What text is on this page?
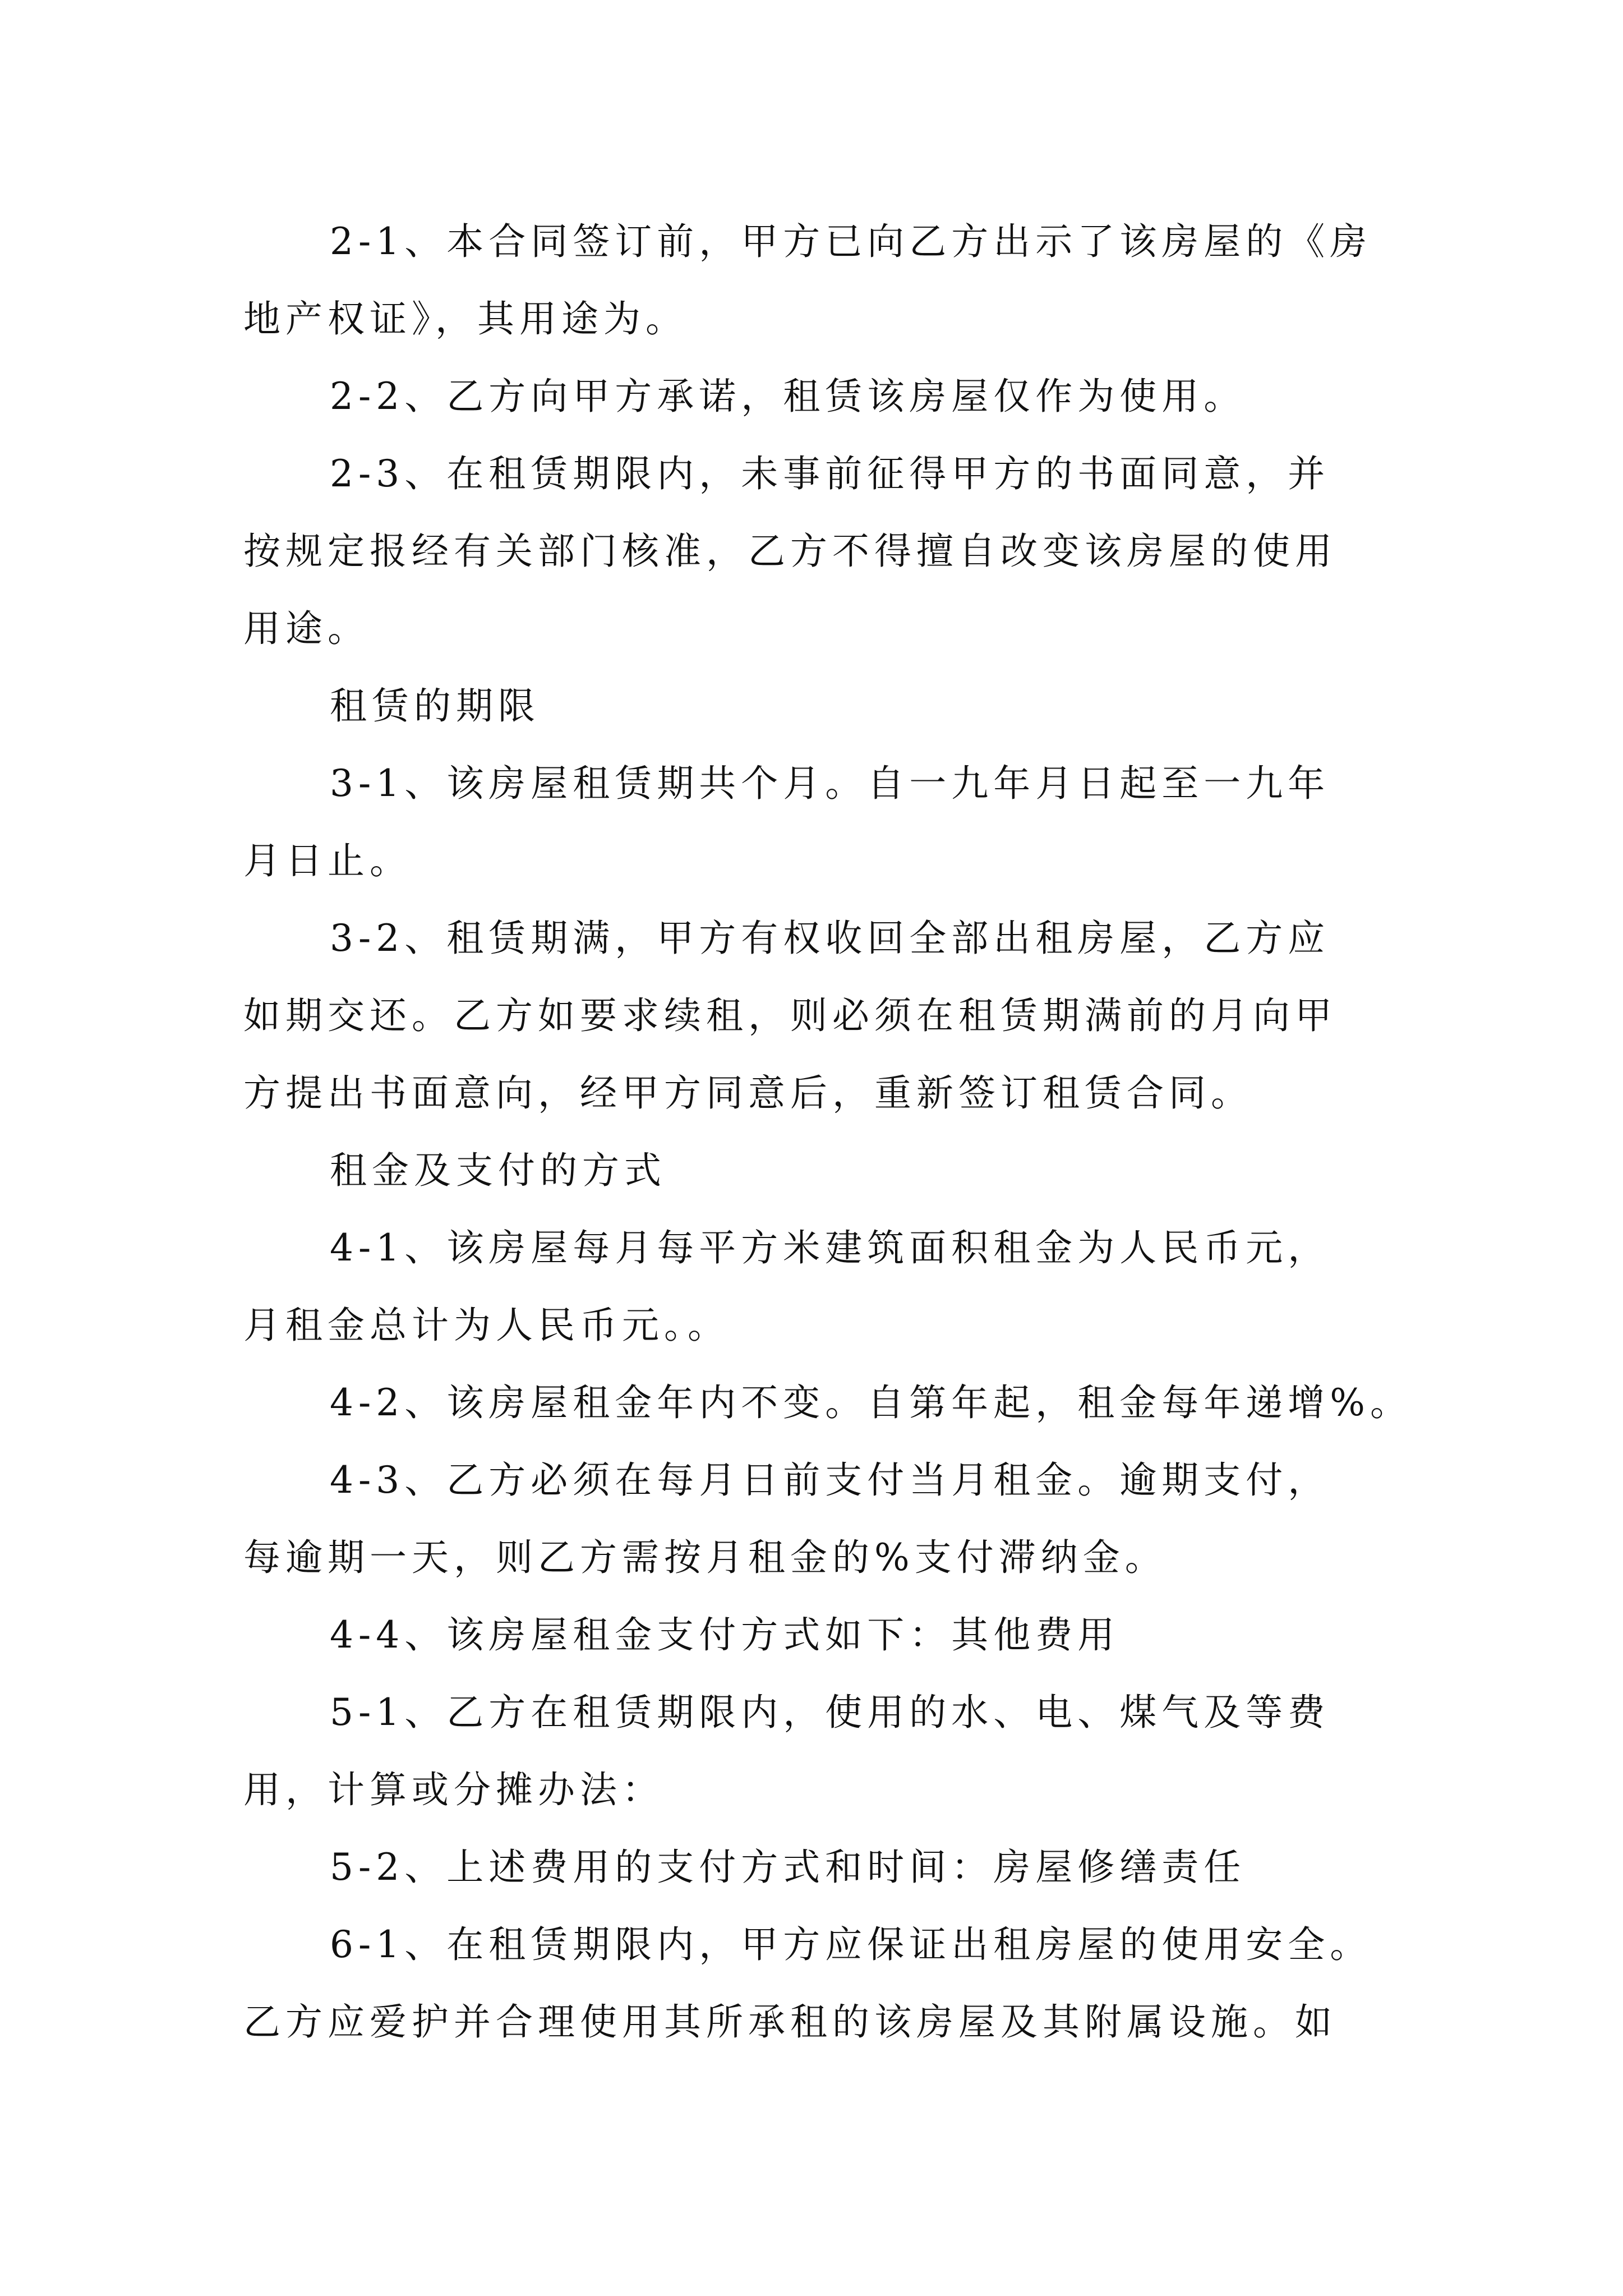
2-1、本合同签订前，甲方已向乙方出示了该房屋的《房

地产权证》，其用途为。

2-2、乙方向甲方承诺，租赁该房屋仅作为使用。

2-3、在租赁期限内，未事前征得甲方的书面同意，并

按规定报经有关部门核准，乙方不得擅自改变该房屋的使用

用途。

租赁的期限

3-1、该房屋租赁期共个月。自一九年月日起至一九年

月日止。

3-2、租赁期满，甲方有权收回全部出租房屋，乙方应

如期交还。乙方如要求续租，则必须在租赁期满前的月向甲

方提出书面意向，经甲方同意后，重新签订租赁合同。

租金及支付的方式

4-1、该房屋每月每平方米建筑面积租金为人民币元，

月租金总计为人民币元。。

4-2、该房屋租金年内不变。自第年起，租金每年递增%。

4-3、乙方必须在每月日前支付当月租金。逾期支付，

每逾期一天，则乙方需按月租金的%支付滞纳金。

4-4、该房屋租金支付方式如下：其他费用

5-1、乙方在租赁期限内，使用的水、电、煤气及等费

用，计算或分摊办法：

5-2、上述费用的支付方式和时间：房屋修缮责任

6-1、在租赁期限内，甲方应保证出租房屋的使用安全。

乙方应爱护并合理使用其所承租的该房屋及其附属设施。如
